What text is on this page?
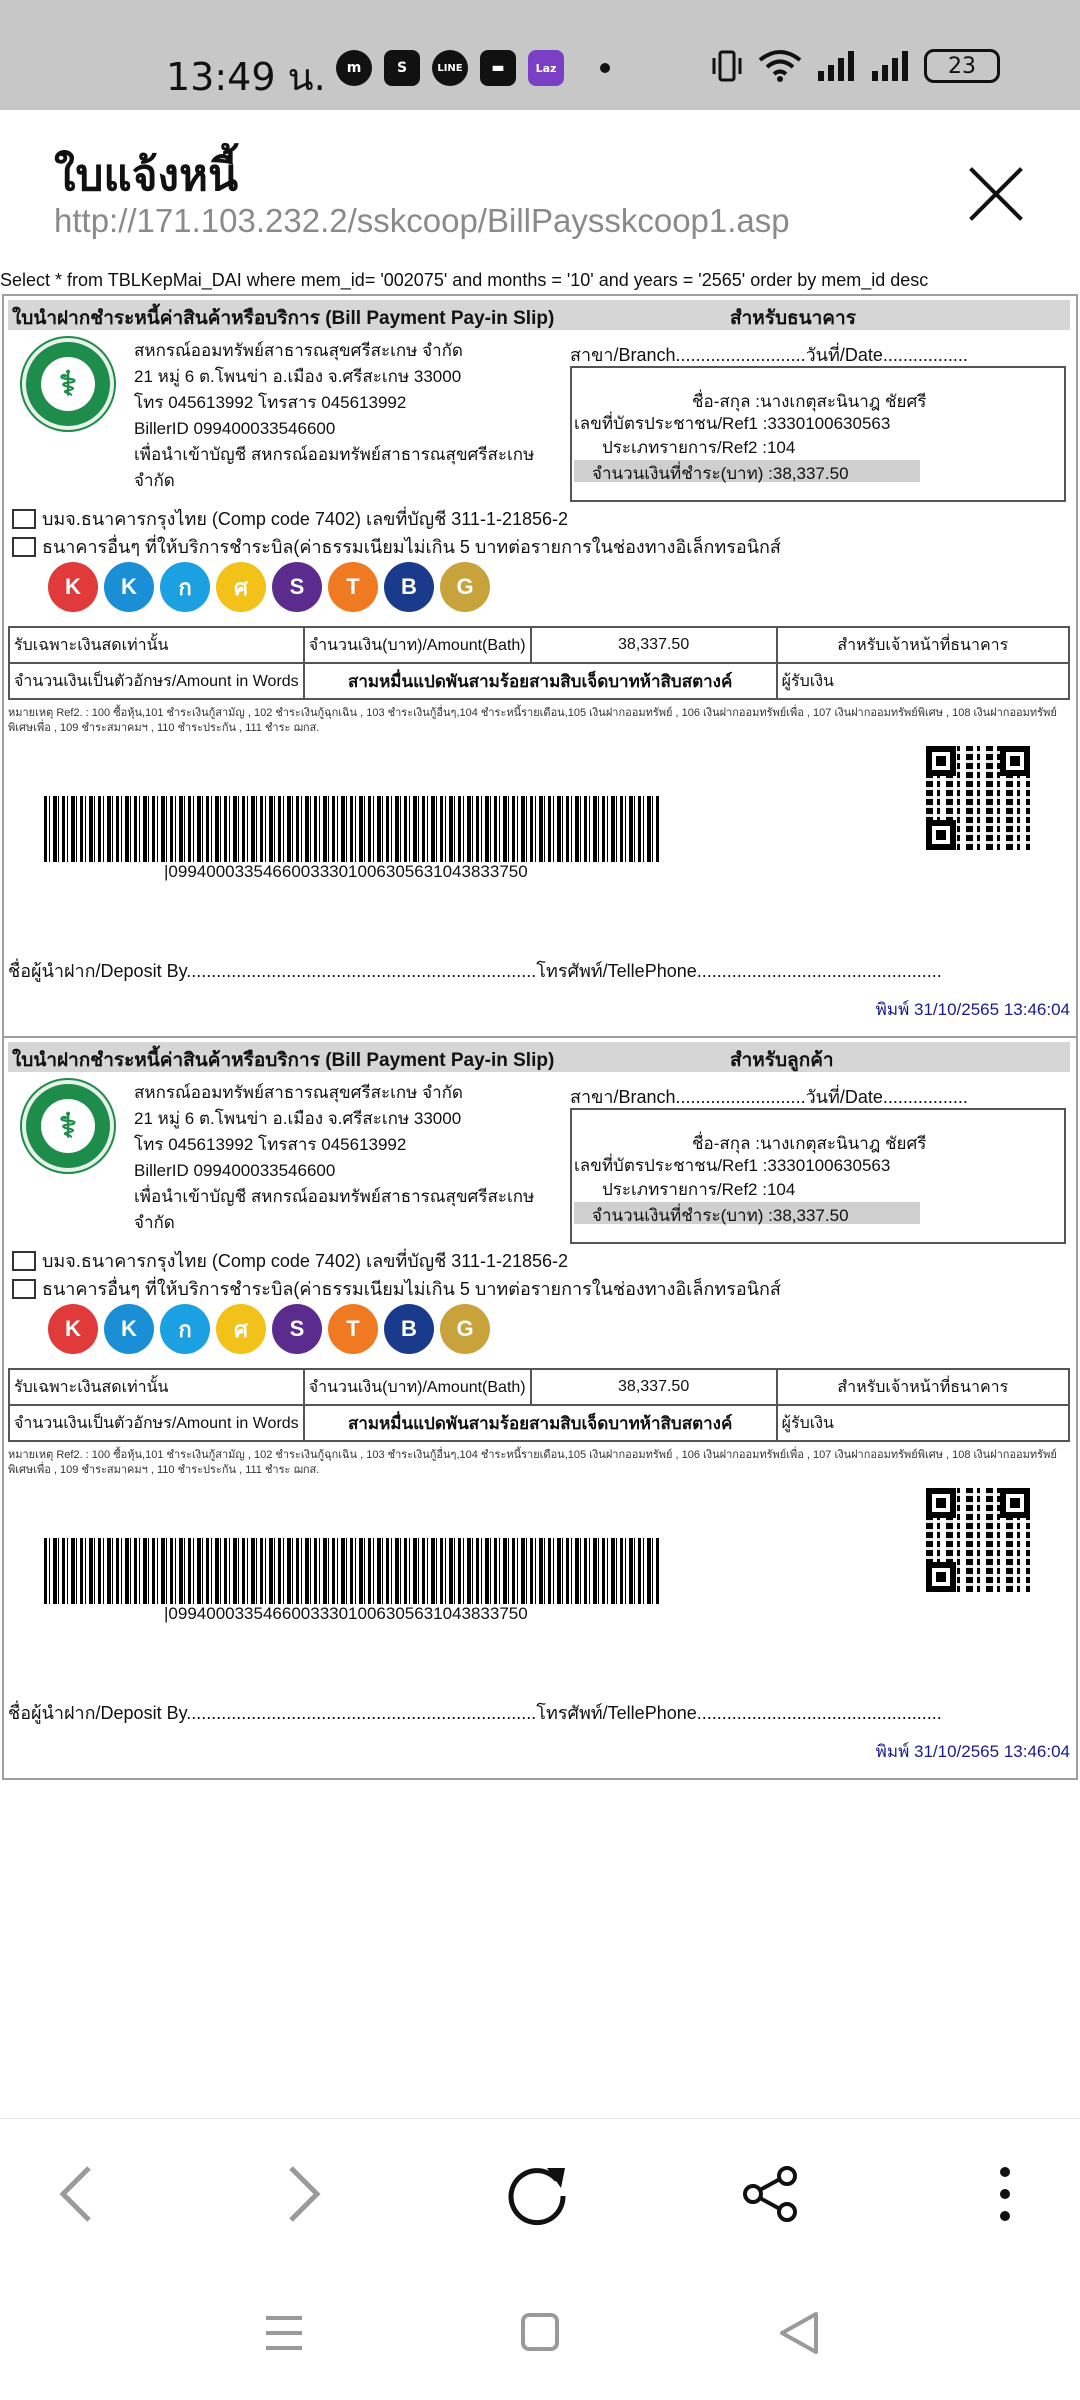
13:49 น.	m	S	LINE	▬	Laz	23
ใบแจ้งหนี้
http://171.103.232.2/sskcoop/BillPaysskcoop1.asp
Select * from TBLKepMai_DAI where mem_id= '002075' and months = '10' and years = '2565' order by mem_id desc
ใบนำฝากชำระหนี้ค่าสินค้าหรือบริการ (Bill Payment Pay-in Slip)	สำหรับธนาคาร
⚕
สหกรณ์ออมทรัพย์สาธารณสุขศรีสะเกษ จำกัด
21 หมู่ 6 ต.โพนข่า อ.เมือง จ.ศรีสะเกษ 33000
โทร 045613992 โทรสาร 045613992
BillerID 099400033546600
เพื่อนำเข้าบัญชี สหกรณ์ออมทรัพย์สาธารณสุขศรีสะเกษ จำกัด
สาขา/Branch..........................วันที่/Date.................
ชื่อ-สกุล :นางเกตุสะนินาฎ ชัยศรี
เลขที่บัตรประชาชน/Ref1 :3330100630563
ประเภทรายการ/Ref2 :104
จำนวนเงินที่ชำระ(บาท) :38,337.50
บมจ.ธนาคารกรุงไทย (Comp code 7402) เลขที่บัญชี 311-1-21856-2
ธนาคารอื่นๆ ที่ให้บริการชำระบิล(ค่าธรรมเนียมไม่เกิน 5 บาทต่อรายการในช่องทางอิเล็กทรอนิกส์
K	K	ก	ศ	S	T	B	G
รับเฉพาะเงินสดเท่านั้น	จำนวนเงิน(บาท)/Amount(Bath)	38,337.50	สำหรับเจ้าหน้าที่ธนาคาร
จำนวนเงินเป็นตัวอักษร/Amount in Words	สามหมื่นแปดพันสามร้อยสามสิบเจ็ดบาทห้าสิบสตางค์		ผู้รับเงิน
หมายเหตุ Ref2. : 100 ซื้อหุ้น,101 ชำระเงินกู้สามัญ , 102 ชำระเงินกู้ฉุกเฉิน , 103 ชำระเงินกู้อื่นๆ,104 ชำระหนี้รายเดือน,105 เงินฝากออมทรัพย์ , 106 เงินฝากออมทรัพย์เพื่อ , 107 เงินฝากออมทรัพย์พิเศษ , 108 เงินฝากออมทรัพย์พิเศษเพื่อ , 109 ชำระสมาคมฯ , 110 ชำระประกัน , 111 ชำระ ฌกส.
|09940003354660033301006305631043833750
ชื่อผู้นำฝาก/Deposit By......................................................................โทรศัพท์/TellePhone.................................................
พิมพ์ 31/10/2565 13:46:04
ใบนำฝากชำระหนี้ค่าสินค้าหรือบริการ (Bill Payment Pay-in Slip)	สำหรับลูกค้า
⚕
สหกรณ์ออมทรัพย์สาธารณสุขศรีสะเกษ จำกัด
21 หมู่ 6 ต.โพนข่า อ.เมือง จ.ศรีสะเกษ 33000
โทร 045613992 โทรสาร 045613992
BillerID 099400033546600
เพื่อนำเข้าบัญชี สหกรณ์ออมทรัพย์สาธารณสุขศรีสะเกษ จำกัด
สาขา/Branch..........................วันที่/Date.................
ชื่อ-สกุล :นางเกตุสะนินาฎ ชัยศรี
เลขที่บัตรประชาชน/Ref1 :3330100630563
ประเภทรายการ/Ref2 :104
จำนวนเงินที่ชำระ(บาท) :38,337.50
บมจ.ธนาคารกรุงไทย (Comp code 7402) เลขที่บัญชี 311-1-21856-2
ธนาคารอื่นๆ ที่ให้บริการชำระบิล(ค่าธรรมเนียมไม่เกิน 5 บาทต่อรายการในช่องทางอิเล็กทรอนิกส์
K	K	ก	ศ	S	T	B	G
รับเฉพาะเงินสดเท่านั้น	จำนวนเงิน(บาท)/Amount(Bath)	38,337.50	สำหรับเจ้าหน้าที่ธนาคาร
จำนวนเงินเป็นตัวอักษร/Amount in Words	สามหมื่นแปดพันสามร้อยสามสิบเจ็ดบาทห้าสิบสตางค์		ผู้รับเงิน
หมายเหตุ Ref2. : 100 ซื้อหุ้น,101 ชำระเงินกู้สามัญ , 102 ชำระเงินกู้ฉุกเฉิน , 103 ชำระเงินกู้อื่นๆ,104 ชำระหนี้รายเดือน,105 เงินฝากออมทรัพย์ , 106 เงินฝากออมทรัพย์เพื่อ , 107 เงินฝากออมทรัพย์พิเศษ , 108 เงินฝากออมทรัพย์พิเศษเพื่อ , 109 ชำระสมาคมฯ , 110 ชำระประกัน , 111 ชำระ ฌกส.
|09940003354660033301006305631043833750
ชื่อผู้นำฝาก/Deposit By......................................................................โทรศัพท์/TellePhone.................................................
พิมพ์ 31/10/2565 13:46:04
